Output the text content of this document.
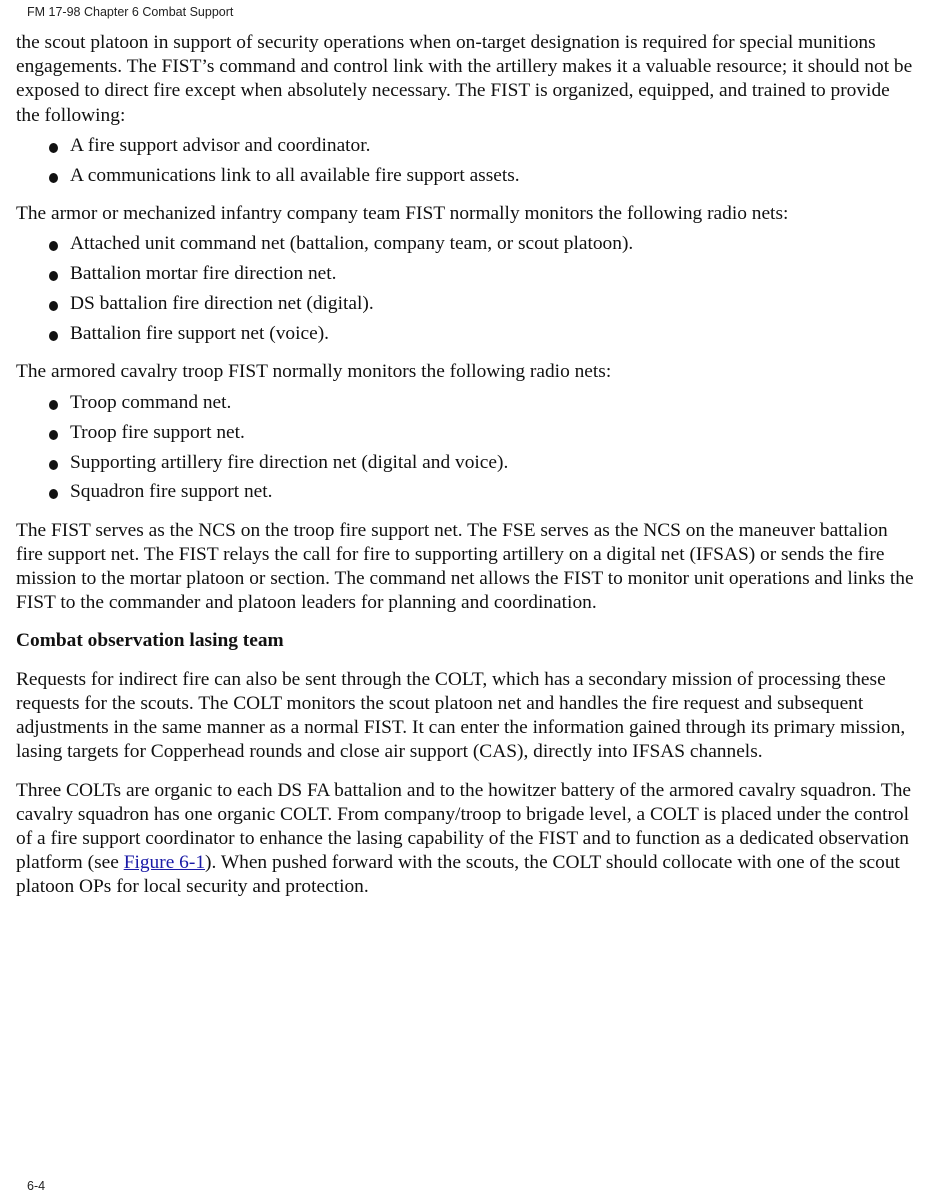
FM 17-98 Chapter 6 Combat Support

the scout platoon in support of security operations when on-target designation is required for special munitions engagements. The FIST’s command and control link with the artillery makes it a valuable resource; it should not be exposed to direct fire except when absolutely necessary. The FIST is organized, equipped, and trained to provide the following:

A fire support advisor and coordinator.
A communications link to all available fire support assets.

The armor or mechanized infantry company team FIST normally monitors the following radio nets:

Attached unit command net (battalion, company team, or scout platoon).
Battalion mortar fire direction net.
DS battalion fire direction net (digital).
Battalion fire support net (voice).

The armored cavalry troop FIST normally monitors the following radio nets:

Troop command net.
Troop fire support net.
Supporting artillery fire direction net (digital and voice).
Squadron fire support net.

The FIST serves as the NCS on the troop fire support net. The FSE serves as the NCS on the maneuver battalion fire support net. The FIST relays the call for fire to supporting artillery on a digital net (IFSAS) or sends the fire mission to the mortar platoon or section. The command net allows the FIST to monitor unit operations and links the FIST to the commander and platoon leaders for planning and coordination.

Combat observation lasing team

Requests for indirect fire can also be sent through the COLT, which has a secondary mission of processing these requests for the scouts. The COLT monitors the scout platoon net and handles the fire request and subsequent adjustments in the same manner as a normal FIST. It can enter the information gained through its primary mission, lasing targets for Copperhead rounds and close air support (CAS), directly into IFSAS channels.

Three COLTs are organic to each DS FA battalion and to the howitzer battery of the armored cavalry squadron. The cavalry squadron has one organic COLT. From company/troop to brigade level, a COLT is placed under the control of a fire support coordinator to enhance the lasing capability of the FIST and to function as a dedicated observation platform (see Figure 6-1). When pushed forward with the scouts, the COLT should collocate with one of the scout platoon OPs for local security and protection.

6-4
